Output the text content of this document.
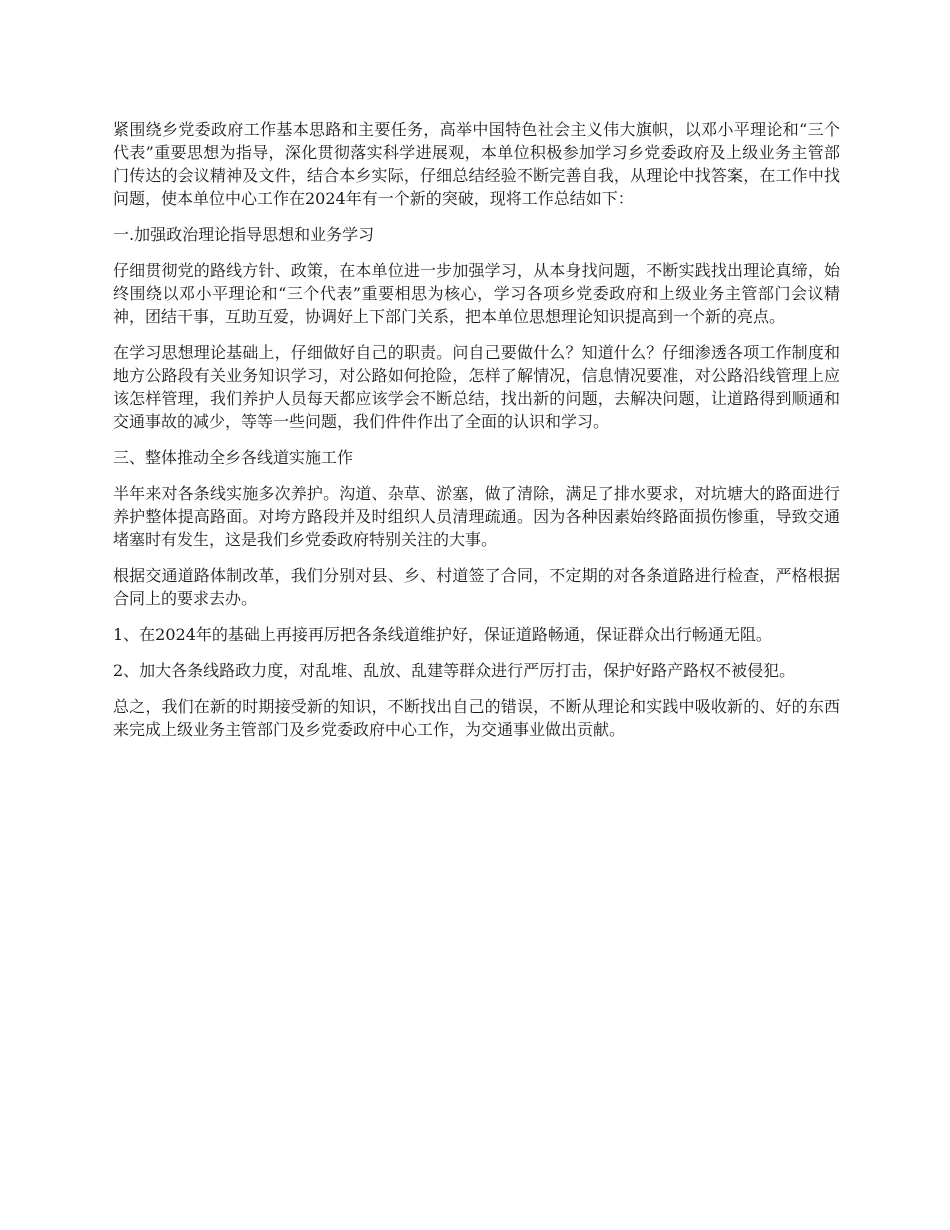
紧围绕乡党委政府工作基本思路和主要任务，高举中国特色社会主义伟大旗帜，以邓小平理论和“三个代表”重要思想为指导，深化贯彻落实科学进展观，本单位积极参加学习乡党委政府及上级业务主管部门传达的会议精神及文件，结合本乡实际，仔细总结经验不断完善自我，从理论中找答案，在工作中找问题，使本单位中心工作在2024年有一个新的突破，现将工作总结如下：

一.加强政治理论指导思想和业务学习

仔细贯彻党的路线方针、政策，在本单位进一步加强学习，从本身找问题，不断实践找出理论真缔，始终围绕以邓小平理论和“三个代表”重要相思为核心，学习各项乡党委政府和上级业务主管部门会议精神，团结干事，互助互爱，协调好上下部门关系，把本单位思想理论知识提高到一个新的亮点。

在学习思想理论基础上，仔细做好自己的职责。问自己要做什么？知道什么？仔细渗透各项工作制度和地方公路段有关业务知识学习，对公路如何抢险，怎样了解情况，信息情况要准，对公路沿线管理上应该怎样管理，我们养护人员每天都应该学会不断总结，找出新的问题，去解决问题，让道路得到顺通和交通事故的减少，等等一些问题，我们件件作出了全面的认识和学习。

三、整体推动全乡各线道实施工作

半年来对各条线实施多次养护。沟道、杂草、淤塞，做了清除，满足了排水要求，对坑塘大的路面进行养护整体提高路面。对垮方路段并及时组织人员清理疏通。因为各种因素始终路面损伤惨重，导致交通堵塞时有发生，这是我们乡党委政府特别关注的大事。

根据交通道路体制改革，我们分别对县、乡、村道签了合同，不定期的对各条道路进行检查，严格根据合同上的要求去办。

1、在2024年的基础上再接再厉把各条线道维护好，保证道路畅通，保证群众出行畅通无阻。

2、加大各条线路政力度，对乱堆、乱放、乱建等群众进行严厉打击，保护好路产路权不被侵犯。

总之，我们在新的时期接受新的知识，不断找出自己的错误，不断从理论和实践中吸收新的、好的东西来完成上级业务主管部门及乡党委政府中心工作，为交通事业做出贡献。
